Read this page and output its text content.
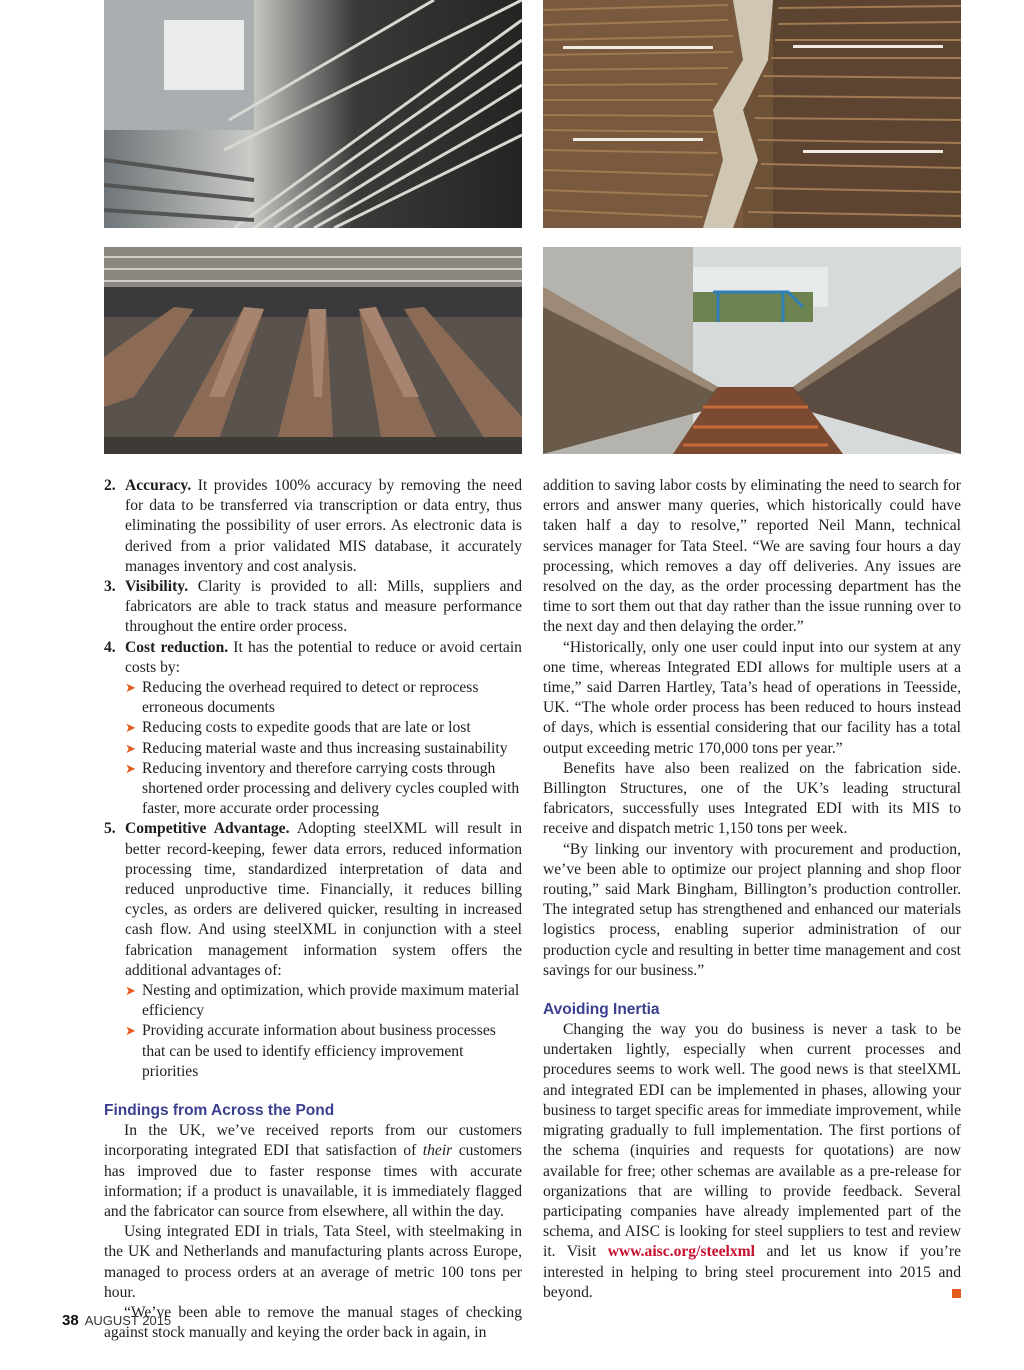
2. Accuracy. It provides 100% accuracy by removing the need for data to be transferred via transcription or data entry, thus eliminating the possibility of user errors. As electronic data is derived from a prior validated MIS database, it accurately manages inventory and cost analysis.

3. Visibility. Clarity is provided to all: Mills, suppliers and fabricators are able to track status and measure performance throughout the entire order process.

4. Cost reduction. It has the potential to reduce or avoid certain costs by:

➤ Reducing the overhead required to detect or reprocess erroneous documents

➤ Reducing costs to expedite goods that are late or lost

➤ Reducing material waste and thus increasing sustainability

➤ Reducing inventory and therefore carrying costs through shortened order processing and delivery cycles coupled with faster, more accurate order processing

5. Competitive Advantage. Adopting steelXML will result in better record-keeping, fewer data errors, reduced information processing time, standardized interpretation of data and reduced unproductive time. Financially, it reduces billing cycles, as orders are delivered quicker, resulting in increased cash flow. And using steelXML in conjunction with a steel fabrication management information system offers the additional advantages of:

➤ Nesting and optimization, which provide maximum material efficiency

➤ Providing accurate information about business processes that can be used to identify efficiency improvement priorities

Findings from Across the Pond

In the UK, we’ve received reports from our customers incorporating integrated EDI that satisfaction of their customers has improved due to faster response times with accurate information; if a product is unavailable, it is immediately flagged and the fabricator can source from elsewhere, all within the day.

Using integrated EDI in trials, Tata Steel, with steelmaking in the UK and Netherlands and manufacturing plants across Europe, managed to process orders at an average of metric 100 tons per hour.

“We’ve been able to remove the manual stages of checking against stock manually and keying the order back in again, in

addition to saving labor costs by eliminating the need to search for errors and answer many queries, which historically could have taken half a day to resolve,” reported Neil Mann, technical services manager for Tata Steel. “We are saving four hours a day processing, which removes a day off deliveries. Any issues are resolved on the day, as the order processing department has the time to sort them out that day rather than the issue running over to the next day and then delaying the order.”

“Historically, only one user could input into our system at any one time, whereas Integrated EDI allows for multiple users at a time,” said Darren Hartley, Tata’s head of operations in Teesside, UK. “The whole order process has been reduced to hours instead of days, which is essential considering that our facility has a total output exceeding metric 170,000 tons per year.”

Benefits have also been realized on the fabrication side. Billington Structures, one of the UK’s leading structural fabricators, successfully uses Integrated EDI with its MIS to receive and dispatch metric 1,150 tons per week.

“By linking our inventory with procurement and production, we’ve been able to optimize our project planning and shop floor routing,” said Mark Bingham, Billington’s production controller. The integrated setup has strengthened and enhanced our materials logistics process, enabling superior administration of our production cycle and resulting in better time management and cost savings for our business.”

Avoiding Inertia

Changing the way you do business is never a task to be undertaken lightly, especially when current processes and procedures seems to work well. The good news is that steelXML and integrated EDI can be implemented in phases, allowing your business to target specific areas for immediate improvement, while migrating gradually to full implementation. The first portions of the schema (inquiries and requests for quotations) are now available for free; other schemas are available as a pre-release for organizations that are willing to provide feedback. Several participating companies have already implemented part of the schema, and AISC is looking for steel suppliers to test and review it. Visit www.aisc.org/steelxml and let us know if you’re interested in helping to bring steel procurement into 2015 and beyond.

38 AUGUST 2015
